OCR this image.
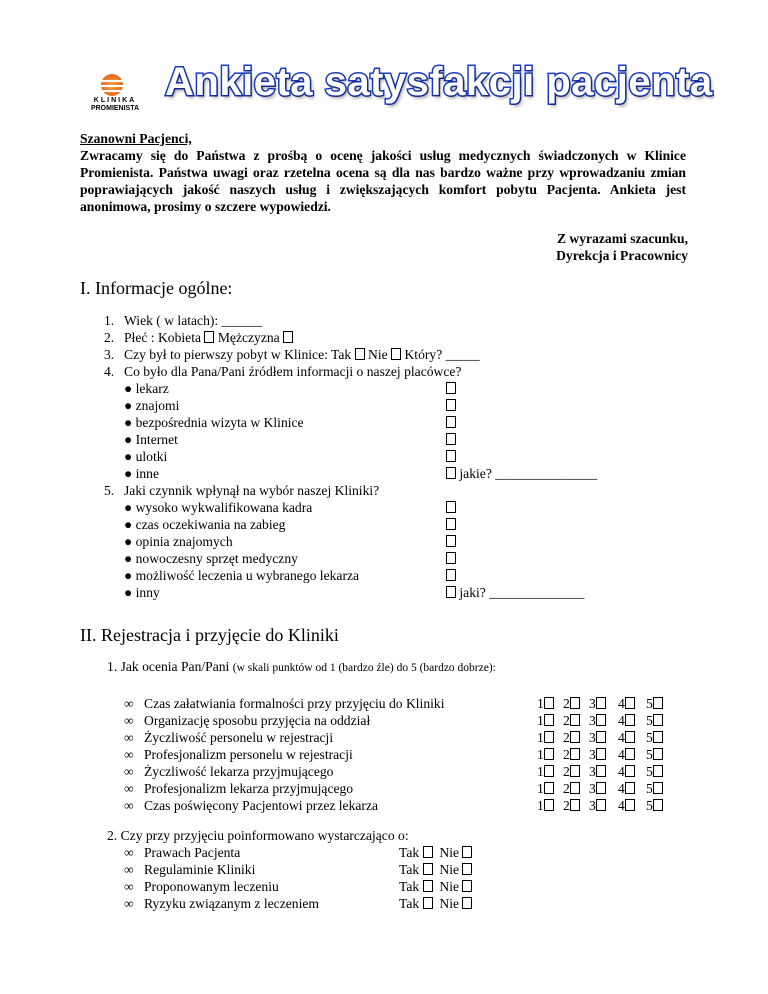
KLINIKA
PROMIENISTA
Ankieta satysfakcji pacjenta
Szanowni Pacjenci,
Zwracamy się do Państwa z prośbą o ocenę jakości usług medycznych świadczonych w Klinice Promienista. Państwa uwagi oraz rzetelna ocena są dla nas bardzo ważne przy wprowadzaniu zmian poprawiających jakość naszych usług i zwiększających komfort pobytu Pacjenta. Ankieta jest anonimowa, prosimy o szczere wypowiedzi.
Z wyrazami szacunku,
Dyrekcja i Pracownicy
I. Informacje ogólne:
1. Wiek ( w latach): ______
2. Płeć : Kobieta Mężczyzna
3. Czy był to pierwszy pobyt w Klinice: Tak Nie Który? _____
4. Co było dla Pana/Pani źródłem informacji o naszej placówce?
● lekarz
● znajomi
● bezpośrednia wizyta w Klinice
● Internet
● ulotki
● inne	jakie? _______________
5. Jaki czynnik wpłynął na wybór naszej Kliniki?
● wysoko wykwalifikowana kadra
● czas oczekiwania na zabieg
● opinia znajomych
● nowoczesny sprzęt medyczny
● możliwość leczenia u wybranego lekarza
● inny	jaki? ______________
II. Rejestracja i przyjęcie do Kliniki
1. Jak ocenia Pan/Pani (w skali punktów od 1 (bardzo źle) do 5 (bardzo dobrze):
∞ Czas załatwiania formalności przy przyjęciu do Kliniki	1	2	3	4	5
∞ Organizację sposobu przyjęcia na oddział	1	2	3	4	5
∞ Życzliwość personelu w rejestracji	1	2	3	4	5
∞ Profesjonalizm personelu w rejestracji	1	2	3	4	5
∞ Życzliwość lekarza przyjmującego	1	2	3	4	5
∞ Profesjonalizm lekarza przyjmującego	1	2	3	4	5
∞ Czas poświęcony Pacjentowi przez lekarza	1	2	3	4	5
2. Czy przy przyjęciu poinformowano wystarczająco o:
∞ Prawach Pacjenta	Tak Nie
∞ Regulaminie Kliniki	Tak Nie
∞ Proponowanym leczeniu	Tak Nie
∞ Ryzyku związanym z leczeniem	Tak Nie
